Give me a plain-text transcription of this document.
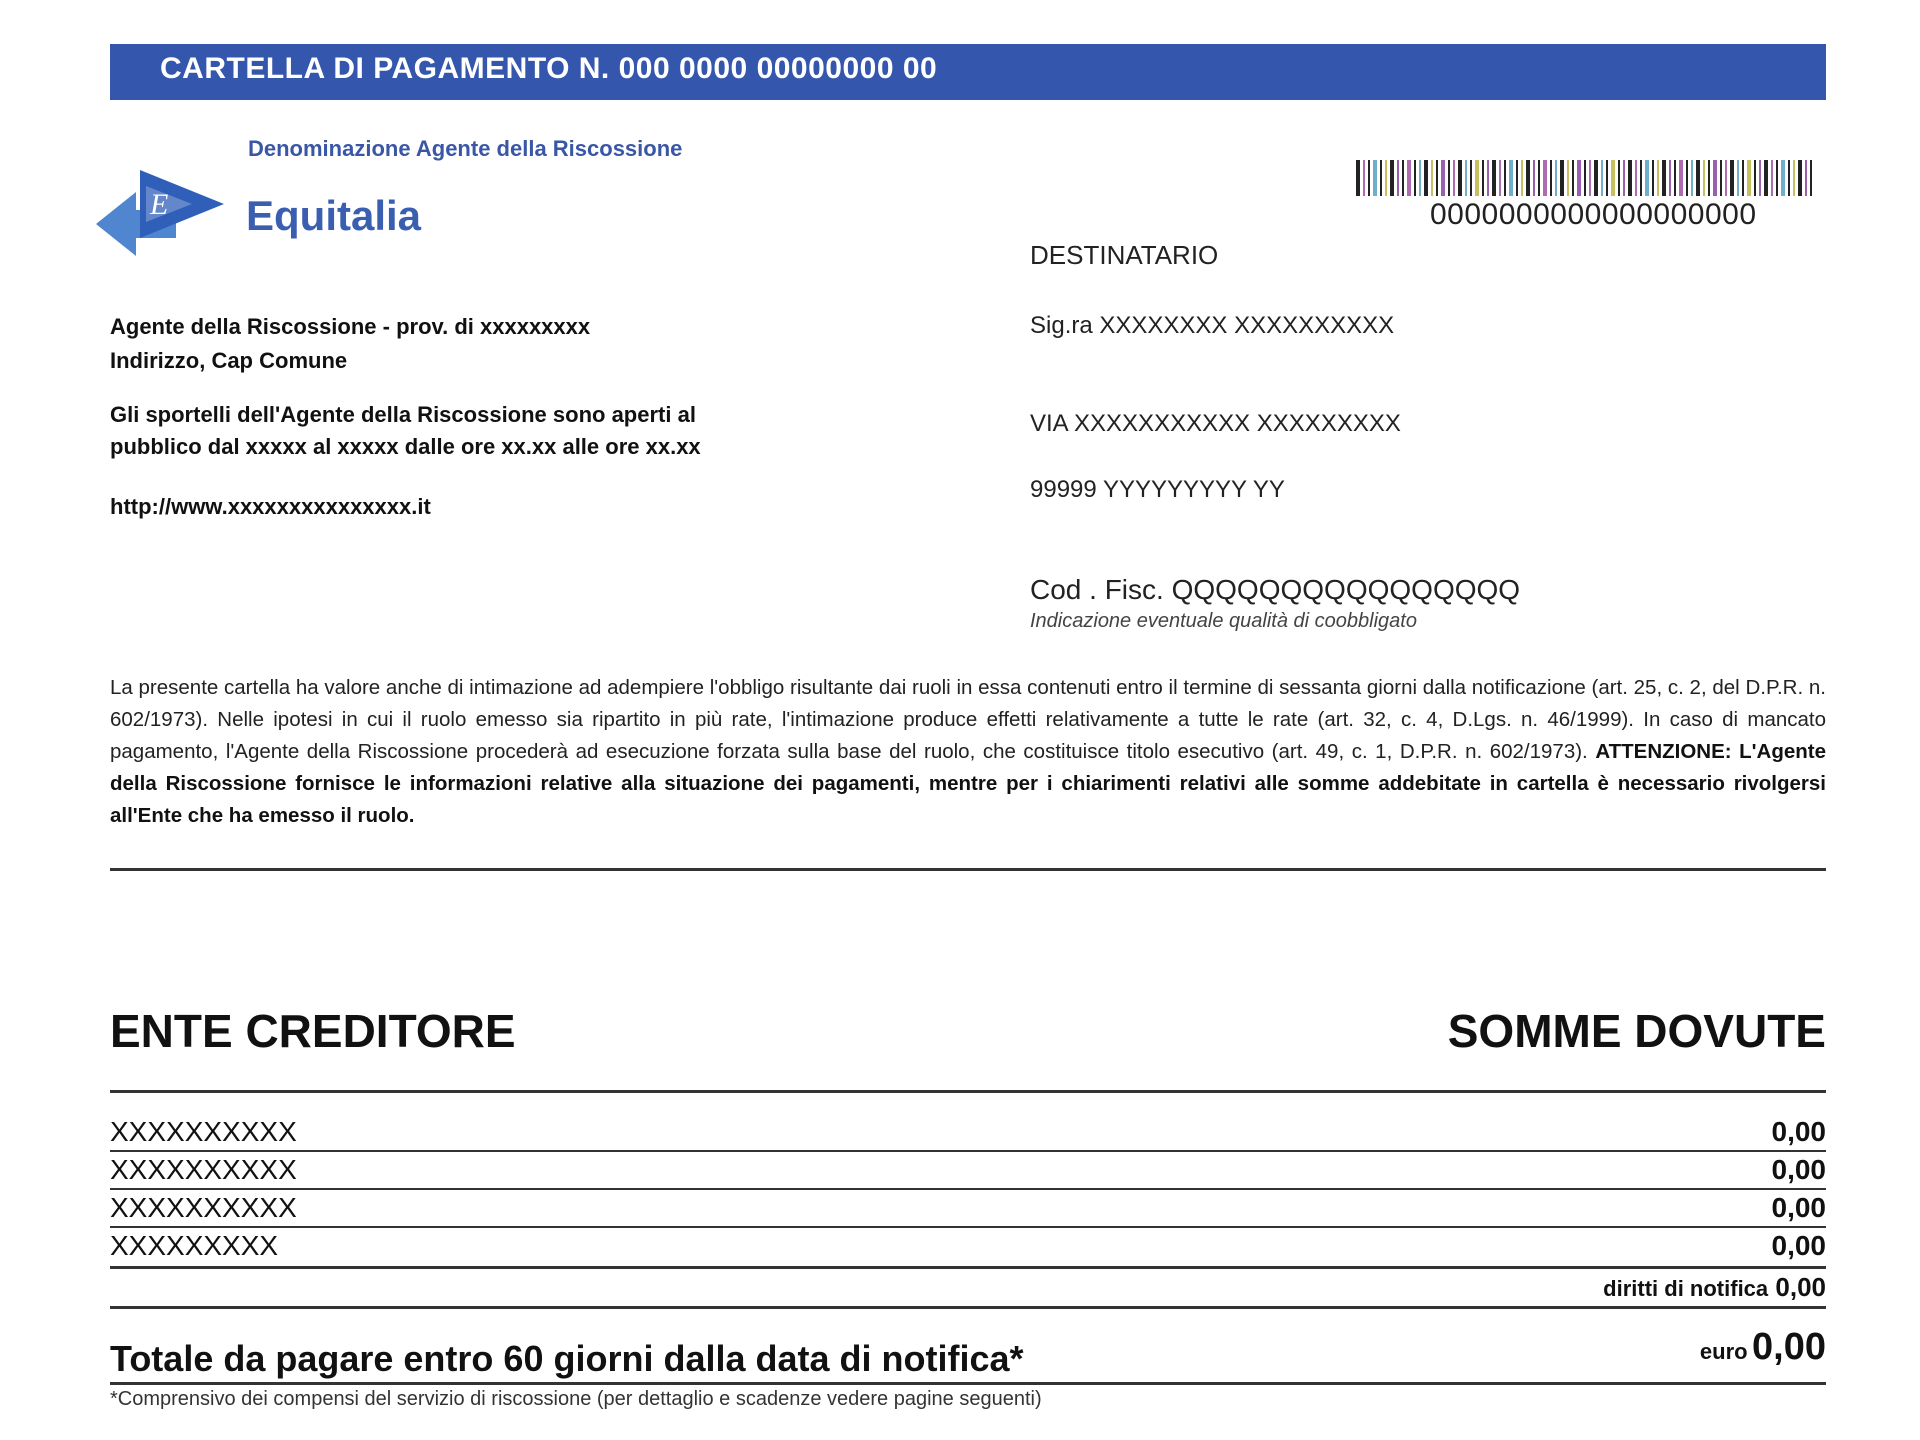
CARTELLA DI PAGAMENTO N. 000 0000 00000000 00
Denominazione Agente della Riscossione
E Equitalia	0000000000000000000
DESTINATARIO
Sig.ra XXXXXXXX XXXXXXXXXX
VIA XXXXXXXXXXX XXXXXXXXX
99999 YYYYYYYYY YY
Cod . Fisc. QQQQQQQQQQQQQQQQ
Indicazione eventuale qualità di coobbligato
Agente della Riscossione - prov. di xxxxxxxxx
Indirizzo, Cap Comune
Gli sportelli dell'Agente della Riscossione sono aperti al
pubblico dal xxxxx al xxxxx dalle ore xx.xx alle ore xx.xx
http://www.xxxxxxxxxxxxxxx.it
La presente cartella ha valore anche di intimazione ad adempiere l'obbligo risultante dai ruoli in essa contenuti entro il termine di sessanta giorni dalla notificazione (art. 25, c. 2, del D.P.R. n. 602/1973). Nelle ipotesi in cui il ruolo emesso sia ripartito in più rate, l'intimazione produce effetti relativamente a tutte le rate (art. 32, c. 4, D.Lgs. n. 46/1999). In caso di mancato pagamento, l'Agente della Riscossione procederà ad esecuzione forzata sulla base del ruolo, che costituisce titolo esecutivo (art. 49, c. 1, D.P.R. n. 602/1973). ATTENZIONE: L'Agente della Riscossione fornisce le informazioni relative alla situazione dei pagamenti, mentre per i chiarimenti relativi alle somme addebitate in cartella è necessario rivolgersi all'Ente che ha emesso il ruolo.
ENTE CREDITORE	SOMME DOVUTE
XXXXXXXXXX	0,00
XXXXXXXXXX	0,00
XXXXXXXXXX	0,00
XXXXXXXXX	0,00
diritti di notifica 0,00
Totale da pagare entro 60 giorni dalla data di notifica*	euro 0,00
*Comprensivo dei compensi del servizio di riscossione (per dettaglio e scadenze vedere pagine seguenti)
